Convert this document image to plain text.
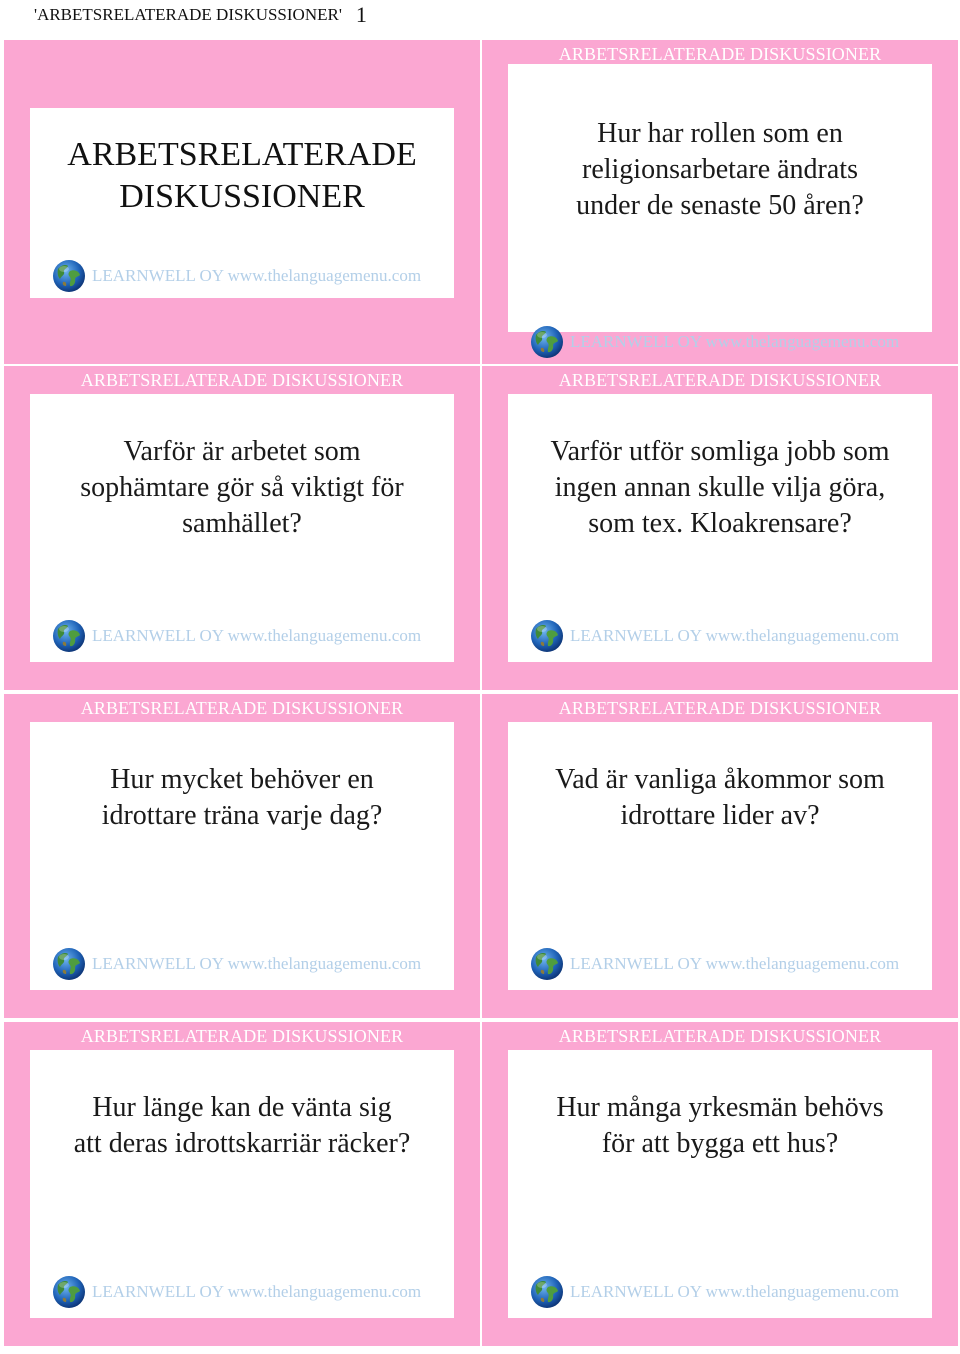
'ARBETSRELATERADE DISKUSSIONER' 1
ARBETSRELATERADE
DISKUSSIONER
LEARNWELL OY www.thelanguagemenu.com
ARBETSRELATERADE DISKUSSIONER
Hur har rollen som en
religionsarbetare ändrats
under de senaste 50 åren?
LEARNWELL OY www.thelanguagemenu.com
ARBETSRELATERADE DISKUSSIONER
Varför är arbetet som
sophämtare gör så viktigt för
samhället?
LEARNWELL OY www.thelanguagemenu.com
ARBETSRELATERADE DISKUSSIONER
Varför utför somliga jobb som
ingen annan skulle vilja göra,
som tex. Kloakrensare?
LEARNWELL OY www.thelanguagemenu.com
ARBETSRELATERADE DISKUSSIONER
Hur mycket behöver en
idrottare träna varje dag?
LEARNWELL OY www.thelanguagemenu.com
ARBETSRELATERADE DISKUSSIONER
Vad är vanliga åkommor som
idrottare lider av?
LEARNWELL OY www.thelanguagemenu.com
ARBETSRELATERADE DISKUSSIONER
Hur länge kan de vänta sig
att deras idrottskarriär räcker?
LEARNWELL OY www.thelanguagemenu.com
ARBETSRELATERADE DISKUSSIONER
Hur många yrkesmän behövs
för att bygga ett hus?
LEARNWELL OY www.thelanguagemenu.com
